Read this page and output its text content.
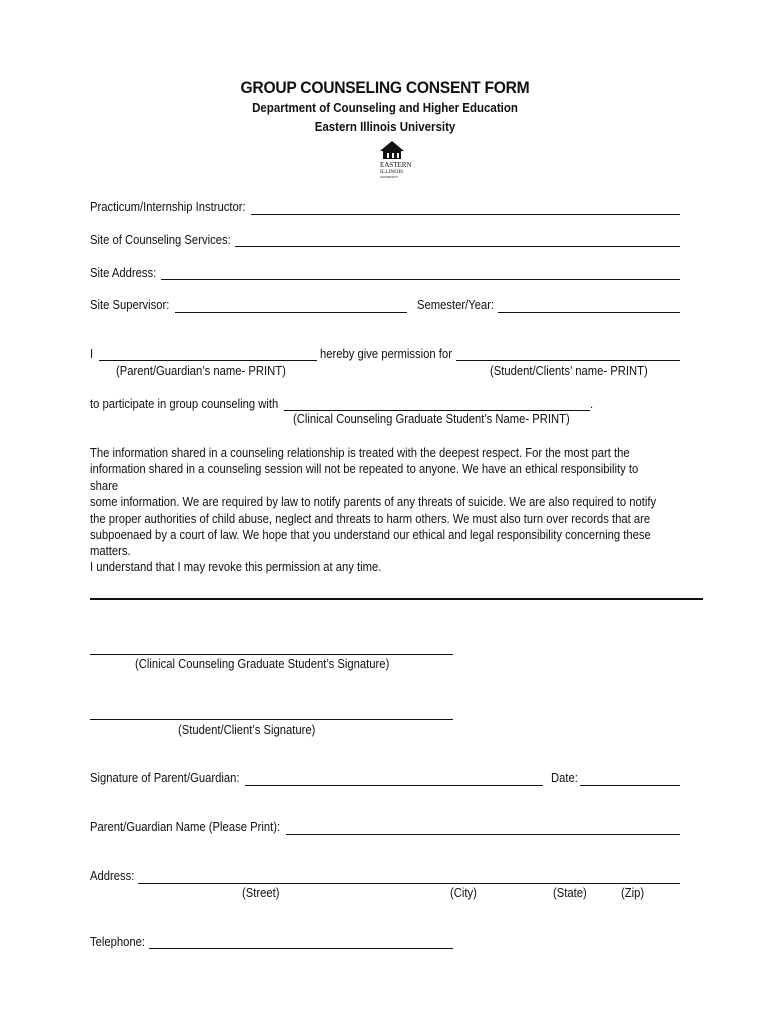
GROUP COUNSELING CONSENT FORM
Department of Counseling and Higher Education
Eastern Illinois University
EASTERN
ILLINOIS
UNIVERSITY
Practicum/Internship Instructor:
Site of Counseling Services:
Site Address:
Site Supervisor:	Semester/Year:
I	hereby give permission for
(Parent/Guardian’s name- PRINT)	(Student/Clients’ name- PRINT)
to participate in group counseling with	.
(Clinical Counseling Graduate Student’s Name- PRINT)
The information shared in a counseling relationship is treated with the deepest respect. For the most part the
information shared in a counseling session will not be repeated to anyone. We have an ethical responsibility to share
some information. We are required by law to notify parents of any threats of suicide. We are also required to notify
the proper authorities of child abuse, neglect and threats to harm others. We must also turn over records that are
subpoenaed by a court of law. We hope that you understand our ethical and legal responsibility concerning these
matters.
I understand that I may revoke this permission at any time.
(Clinical Counseling Graduate Student’s Signature)
(Student/Client’s Signature)
Signature of Parent/Guardian:	Date:
Parent/Guardian Name (Please Print):
Address:
(Street)	(City)	(State)	(Zip)
Telephone:
